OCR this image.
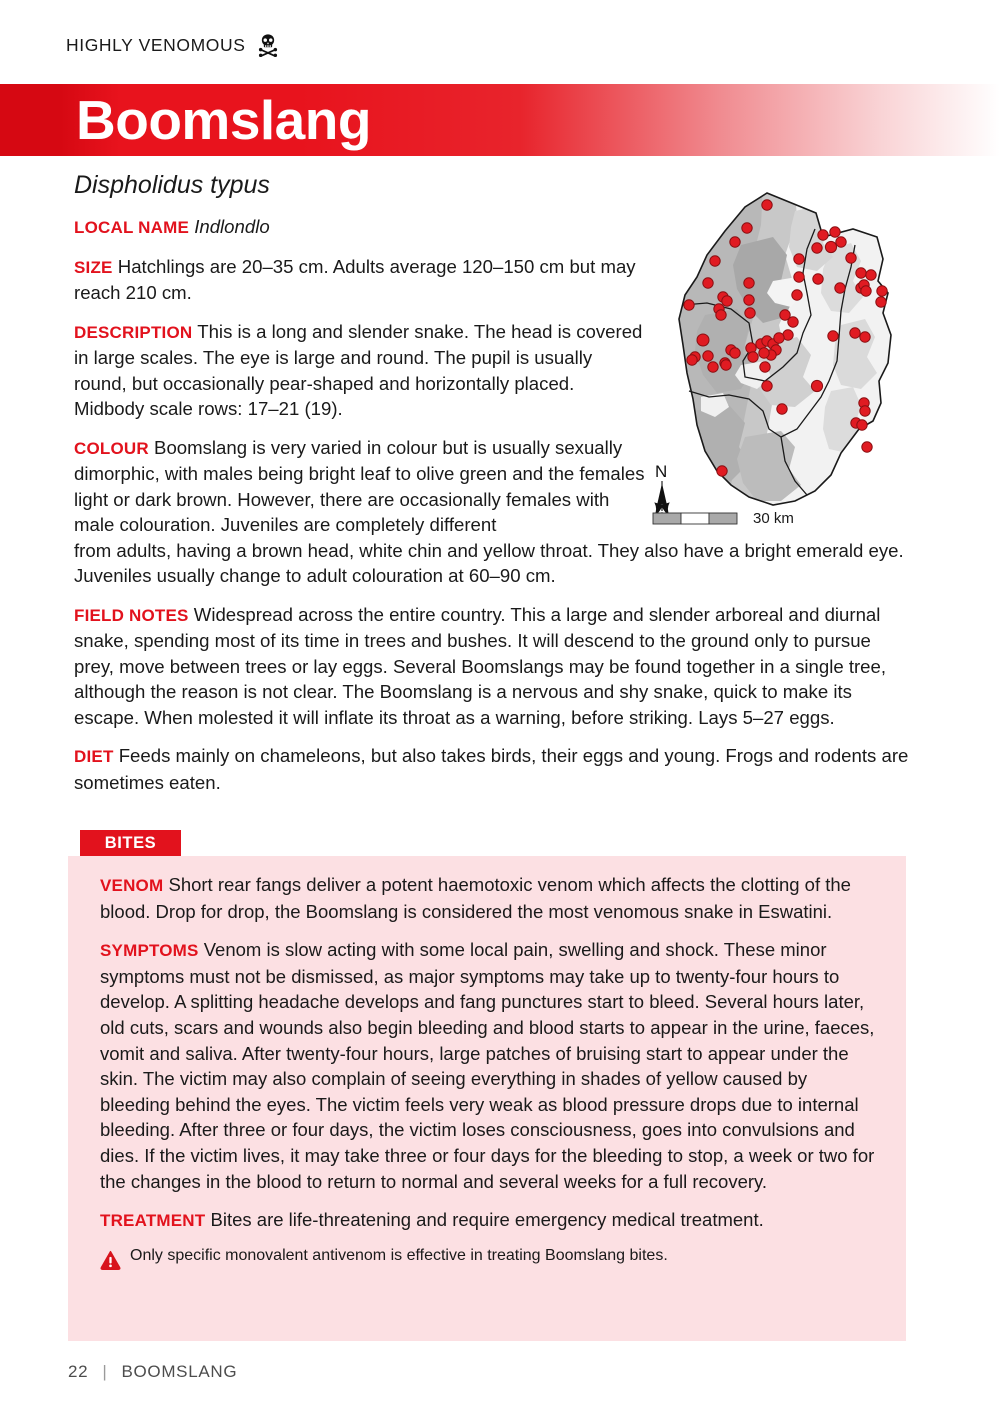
HIGHLY VENOMOUS
Boomslang
N
30 km
Dispholidus typus

LOCAL NAME Indlondlo

SIZE Hatchlings are 20–35 cm. Adults average 120–150 cm but may reach 210 cm.

DESCRIPTION This is a long and slender snake. The head is covered in large scales. The eye is large and round. The pupil is usually round, but occasionally pear-shaped and horizontally placed. Midbody scale rows: 17–21 (19).

COLOUR Boomslang is very varied in colour but is usually sexually dimorphic, with males being bright leaf to olive green and the females light or dark brown. However, there are occasionally females with male colouration. Juveniles are completely different

from adults, having a brown head, white chin and yellow throat. They also have a bright emerald eye. Juveniles usually change to adult colouration at 60–90 cm.

FIELD NOTES Widespread across the entire country. This a large and slender arboreal and diurnal snake, spending most of its time in trees and bushes. It will descend to the ground only to pursue prey, move between trees or lay eggs. Several Boomslangs may be found together in a single tree, although the reason is not clear. The Boomslang is a nervous and shy snake, quick to make its escape. When molested it will inflate its throat as a warning, before striking. Lays 5–27 eggs.

DIET Feeds mainly on chameleons, but also takes birds, their eggs and young. Frogs and rodents are sometimes eaten.

BITES

VENOM Short rear fangs deliver a potent haemotoxic venom which affects the clotting of the blood. Drop for drop, the Boomslang is considered the most venomous snake in Eswatini.

SYMPTOMS Venom is slow acting with some local pain, swelling and shock. These minor symptoms must not be dismissed, as major symptoms may take up to twenty-four hours to develop. A splitting headache develops and fang punctures start to bleed. Several hours later, old cuts, scars and wounds also begin bleeding and blood starts to appear in the urine, faeces, vomit and saliva. After twenty-four hours, large patches of bruising start to appear under the skin. The victim may also complain of seeing everything in shades of yellow caused by bleeding behind the eyes. The victim feels very weak as blood pressure drops due to internal bleeding. After three or four days, the victim loses consciousness, goes into convulsions and dies. If the victim lives, it may take three or four days for the bleeding to stop, a week or two for the changes in the blood to return to normal and several weeks for a full recovery.

TREATMENT Bites are life-threatening and require emergency medical treatment.

Only specific monovalent antivenom is effective in treating Boomslang bites.
22 | BOOMSLANG
